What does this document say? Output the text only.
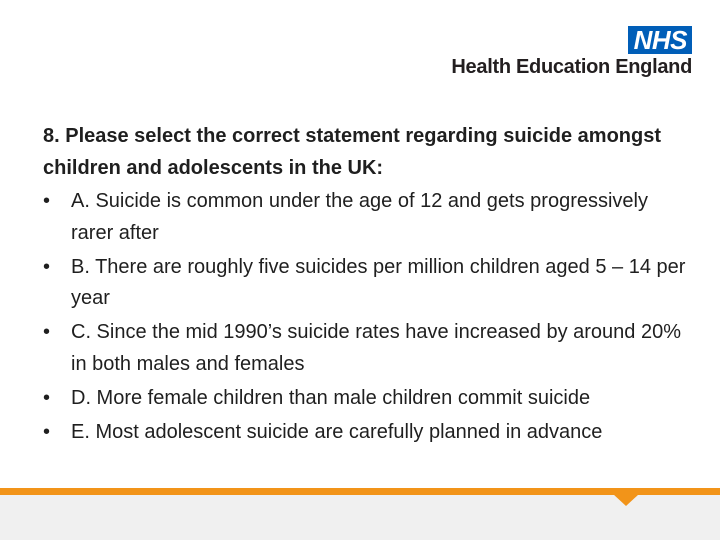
NHS
Health Education England

8. Please select the correct statement regarding suicide amongst children and adolescents in the UK:

• A. Suicide is common under the age of 12 and gets progressively rarer after
• B. There are roughly five suicides per million children aged 5 – 14 per year
• C. Since the mid 1990’s suicide rates have increased by around 20% in both males and females
• D. More female children than male children commit suicide
• E. Most adolescent suicide are carefully planned in advance
